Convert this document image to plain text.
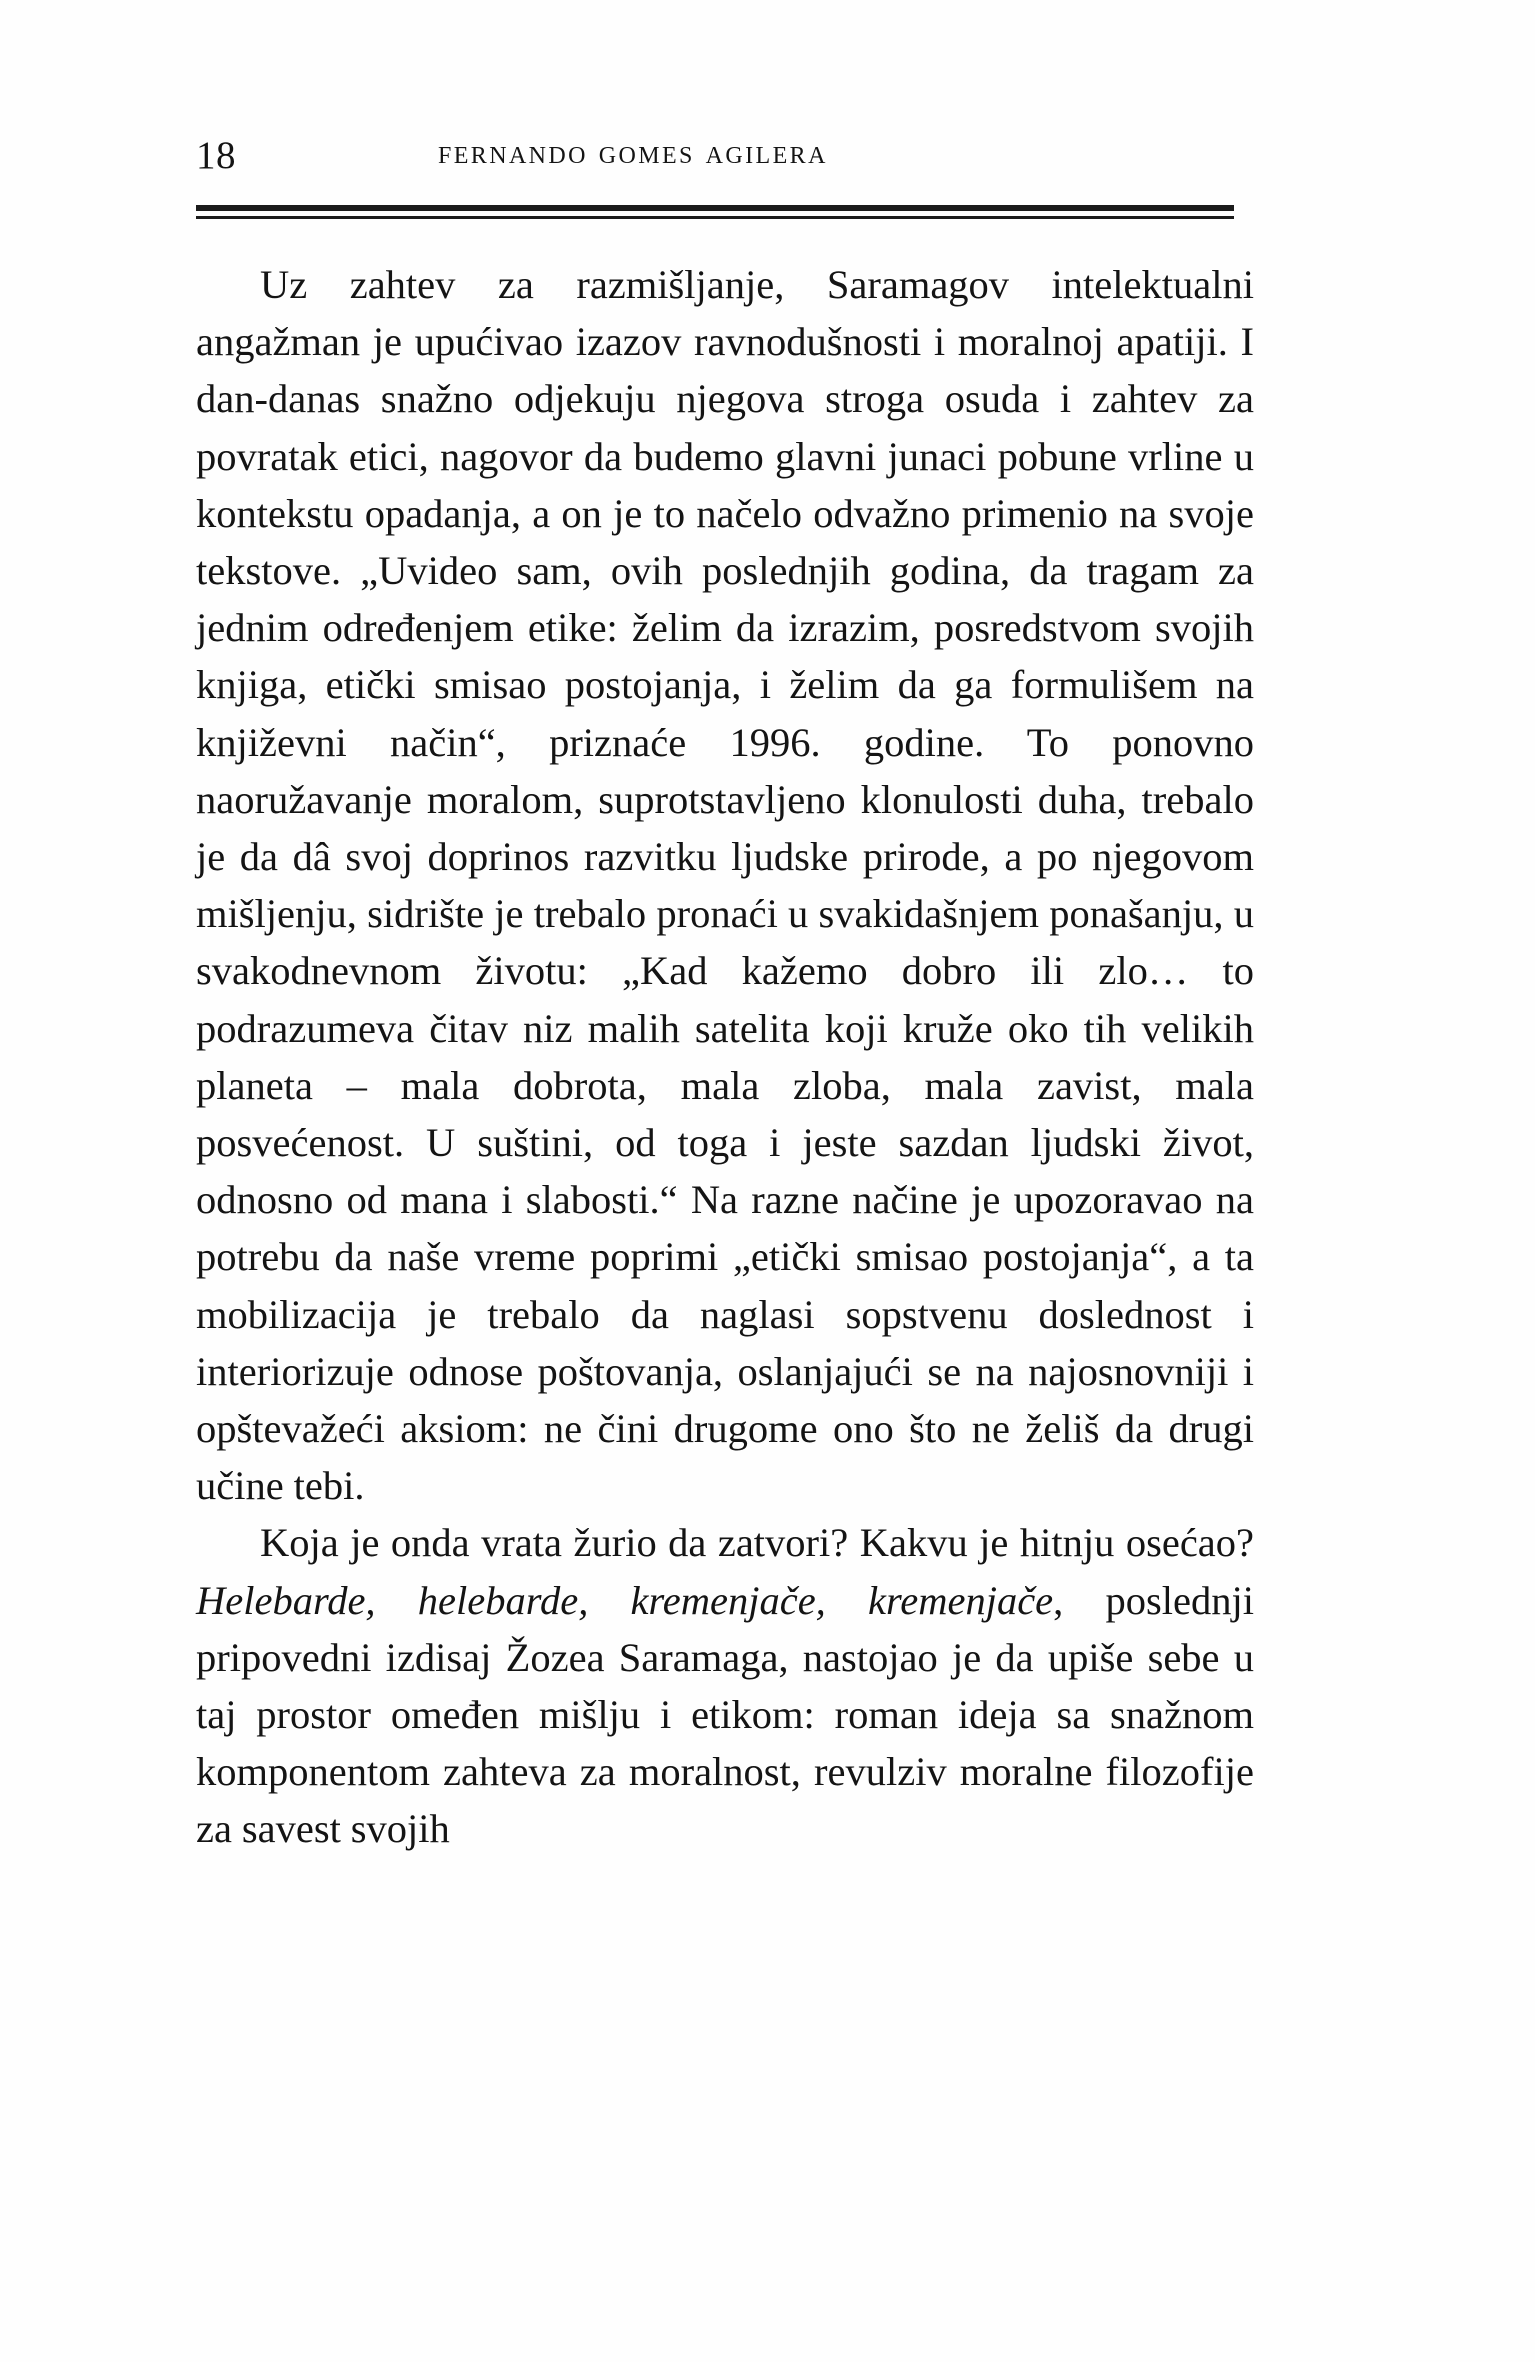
18	fernando gomes agilera

Uz zahtev za razmišljanje, Saramagov intelektualni angažman je upućivao izazov ravnodušnosti i moralnoj apatiji. I dan-danas snažno odjekuju njegova stroga osuda i zahtev za povratak etici, nagovor da budemo glavni junaci pobune vrline u kontekstu opadanja, a on je to načelo odvažno primenio na svoje tekstove. „Uvideo sam, ovih poslednjih godina, da tragam za jednim određenjem etike: želim da izrazim, posredstvom svojih knjiga, etički smisao postojanja, i želim da ga formulišem na književni način“, priznaće 1996. godine. To ponovno naoružavanje moralom, suprotstavljeno klonulosti duha, trebalo je da dâ svoj doprinos razvitku ljudske prirode, a po njegovom mišljenju, sidrište je trebalo pronaći u svakidašnjem ponašanju, u svakodnevnom životu: „Kad kažemo dobro ili zlo… to podrazumeva čitav niz malih satelita koji kruže oko tih velikih planeta – mala dobrota, mala zloba, mala zavist, mala posvećenost. U suštini, od toga i jeste sazdan ljudski život, odnosno od mana i slabosti.“ Na razne načine je upozoravao na potrebu da naše vreme poprimi „etički smisao postojanja“, a ta mobilizacija je trebalo da naglasi sopstvenu doslednost i interiorizuje odnose poštovanja, oslanjajući se na najosnovniji i opštevažeći aksiom: ne čini drugome ono što ne želiš da drugi učine tebi.

Koja je onda vrata žurio da zatvori? Kakvu je hitnju osećao? Helebarde, helebarde, kremenjače, kremenjače, poslednji pripovedni izdisaj Žozea Saramaga, nastojao je da upiše sebe u taj prostor omeđen mišlju i etikom: roman ideja sa snažnom komponentom zahteva za moralnost, revulziv moralne filozofije za savest svojih
